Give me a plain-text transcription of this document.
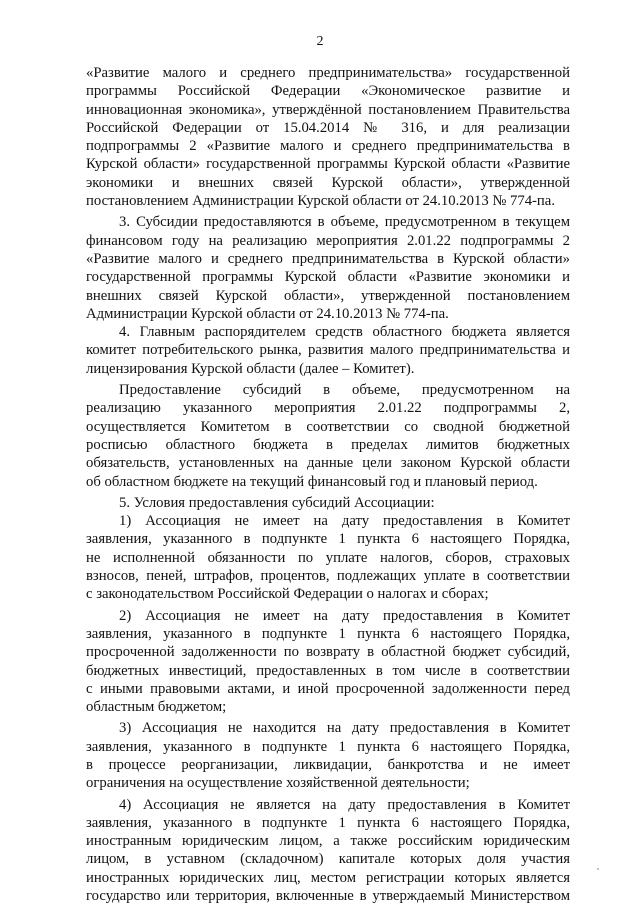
2

«Развитие малого и среднего предпринимательства» государственной

программы Российской Федерации «Экономическое развитие и

инновационная экономика», утверждённой постановлением Правительства

Российской Федерации от 15.04.2014 № 316, и для реализации

подпрограммы 2 «Развитие малого и среднего предпринимательства в

Курской области» государственной программы Курской области «Развитие

экономики и внешних связей Курской области», утвержденной

постановлением Администрации Курской области от 24.10.2013 № 774-па.

3. Субсидии предоставляются в объеме, предусмотренном в текущем

финансовом году на реализацию мероприятия 2.01.22 подпрограммы 2

«Развитие малого и среднего предпринимательства в Курской области»

государственной программы Курской области «Развитие экономики и

внешних связей Курской области», утвержденной постановлением

Администрации Курской области от 24.10.2013 № 774-па.

4. Главным распорядителем средств областного бюджета является

комитет потребительского рынка, развития малого предпринимательства и

лицензирования Курской области (далее – Комитет).

Предоставление субсидий в объеме, предусмотренном на

реализацию указанного мероприятия 2.01.22 подпрограммы 2,

осуществляется Комитетом в соответствии со сводной бюджетной

росписью областного бюджета в пределах лимитов бюджетных

обязательств, установленных на данные цели законом Курской области

об областном бюджете на текущий финансовый год и плановый период.

5. Условия предоставления субсидий Ассоциации:

1) Ассоциация не имеет на дату предоставления в Комитет

заявления, указанного в подпункте 1 пункта 6 настоящего Порядка,

не исполненной обязанности по уплате налогов, сборов, страховых

взносов, пеней, штрафов, процентов, подлежащих уплате в соответствии

с законодательством Российской Федерации о налогах и сборах;

2) Ассоциация не имеет на дату предоставления в Комитет

заявления, указанного в подпункте 1 пункта 6 настоящего Порядка,

просроченной задолженности по возврату в областной бюджет субсидий,

бюджетных инвестиций, предоставленных в том числе в соответствии

с иными правовыми актами, и иной просроченной задолженности перед

областным бюджетом;

3) Ассоциация не находится на дату предоставления в Комитет

заявления, указанного в подпункте 1 пункта 6 настоящего Порядка,

в процессе реорганизации, ликвидации, банкротства и не имеет

ограничения на осуществление хозяйственной деятельности;

4) Ассоциация не является на дату предоставления в Комитет

заявления, указанного в подпункте 1 пункта 6 настоящего Порядка,

иностранным юридическим лицом, а также российским юридическим

лицом, в уставном (складочном) капитале которых доля участия

иностранных юридических лиц, местом регистрации которых является

государство или территория, включенные в утверждаемый Министерством
